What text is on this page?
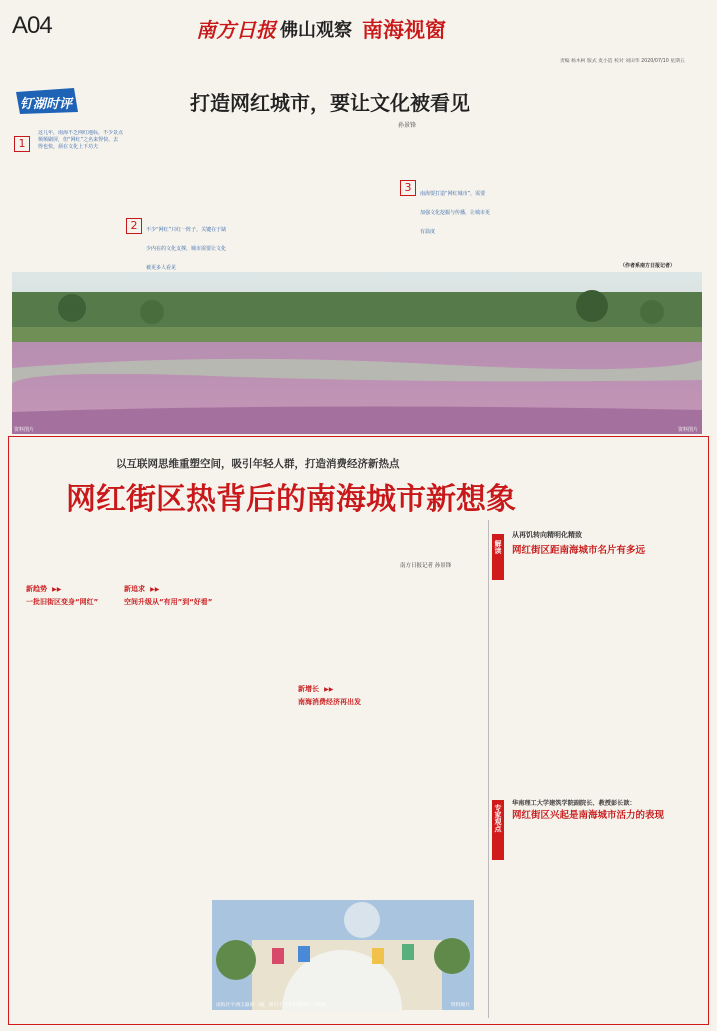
A04	南方日报 佛山观察 南海视窗
责编 杨木柯 版式 麦小造 校对 刘田华 2020/07/10 星期五
钉湖时评	打造网红城市，要让文化被看见
孙景锋
这几年，南海不乏网红地标，不少景点频频刷屏，但“网红”之名来得快、去得也快，须在文化上下功夫
1
2	不少“网红”只红一阵子，关键在于缺少内在的文化支撑，城市需要让文化被更多人看见
3	南海要打造“网红城市”，需要加强文化挖掘与传播，让城市更有温度
（作者系南方日报记者）
资料图片	资料图片
以互联网思维重塑空间，吸引年轻人群，打造消费经济新热点
网红街区热背后的南海城市新想象
南方日报记者 孙景锋
新趋势 ▶▶
一批旧街区变身“网红”
新追求 ▶▶
空间升级从“有用”到“好看”
新增长 ▶▶
南海消费经济再出发
南海区平洲玉器街一隅，吸引不少年轻游客打卡拍照。	资料图片
解读
从再饥转向精明化精致
网红街区距南海城市名片有多远
专家观点
华南理工大学建筑学院副院长、教授彭长歆：
网红街区兴起是南海城市活力的表现
